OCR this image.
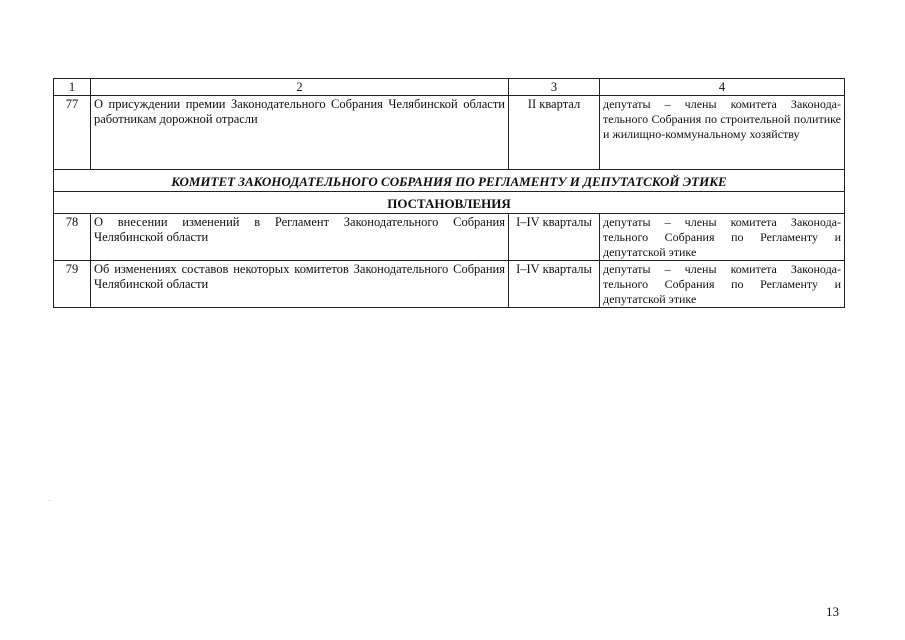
1	2	3	4
77	О присуждении премии Законодательного Собрания Челябинской области работникам дорожной отрасли	II квартал	депутаты – члены комитета Законода-тельного Собрания по строительной политике и жилищно-коммунальному хозяйству
КОМИТЕТ ЗАКОНОДАТЕЛЬНОГО СОБРАНИЯ ПО РЕГЛАМЕНТУ И ДЕПУТАТСКОЙ ЭТИКЕ			
ПОСТАНОВЛЕНИЯ			
78	О внесении изменений в Регламент Законодательного Собрания Челябинской области	I–IV кварталы	депутаты – члены комитета Законода-тельного Собрания по Регламенту и депутатской этике
79	Об изменениях составов некоторых комитетов Законодательного Собрания Челябинской области	I–IV кварталы	депутаты – члены комитета Законода-тельного Собрания по Регламенту и депутатской этике
13
